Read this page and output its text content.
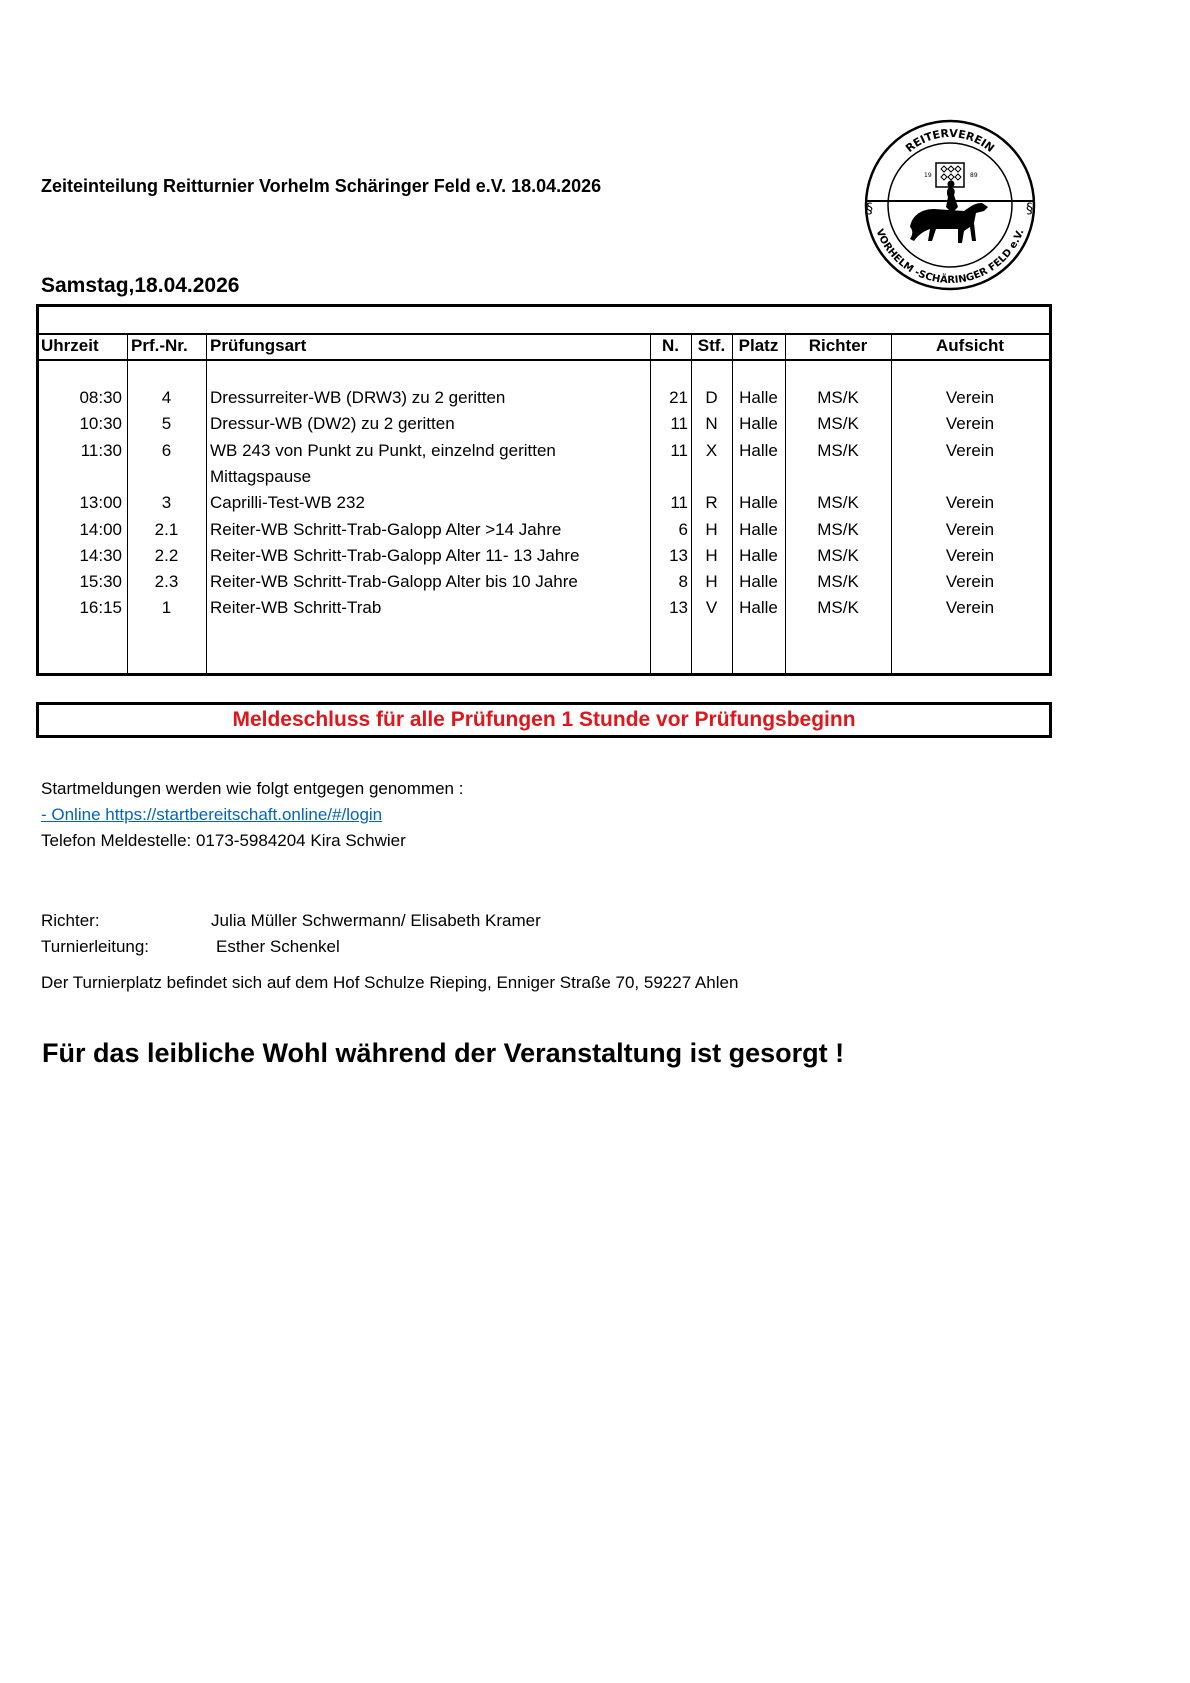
Zeiteinteilung Reitturnier Vorhelm Schäringer Feld e.V. 18.04.2026
REITERVEREIN
VORHELM -SCHÄRINGER FELD e.V.
19	89
§	§
Samstag,18.04.2026
Uhrzeit	Prf.-Nr.	Prüfungsart	N.	Stf. Platz	Richter	Aufsicht
08:30	4	Dressurreiter-WB (DRW3) zu 2 geritten	21	D	Halle	MS/K	Verein
10:30	5	Dressur-WB (DW2) zu 2 geritten	11	N	Halle	MS/K	Verein
11:30	6	WB 243 von Punkt zu Punkt, einzelnd geritten	11	X	Halle	MS/K	Verein
Mittagspause
13:00	3	Caprilli-Test-WB 232	11	R	Halle	MS/K	Verein
14:00	2.1	Reiter-WB Schritt-Trab-Galopp Alter >14 Jahre	6	H	Halle	MS/K	Verein
14:30	2.2	Reiter-WB Schritt-Trab-Galopp Alter 11- 13 Jahre	13	H	Halle	MS/K	Verein
15:30	2.3	Reiter-WB Schritt-Trab-Galopp Alter bis 10 Jahre	8	H	Halle	MS/K	Verein
16:15	1	Reiter-WB Schritt-Trab	13	V	Halle	MS/K	Verein
Meldeschluss für alle Prüfungen 1 Stunde vor Prüfungsbeginn
Startmeldungen werden wie folgt entgegen genommen :
- Online https://startbereitschaft.online/#/login
Telefon Meldestelle: 0173-5984204 Kira Schwier
Richter:	Julia Müller Schwermann/ Elisabeth Kramer
Turnierleitung:	Esther Schenkel
Der Turnierplatz befindet sich auf dem Hof Schulze Rieping, Enniger Straße 70, 59227 Ahlen
Für das leibliche Wohl während der Veranstaltung ist gesorgt !
